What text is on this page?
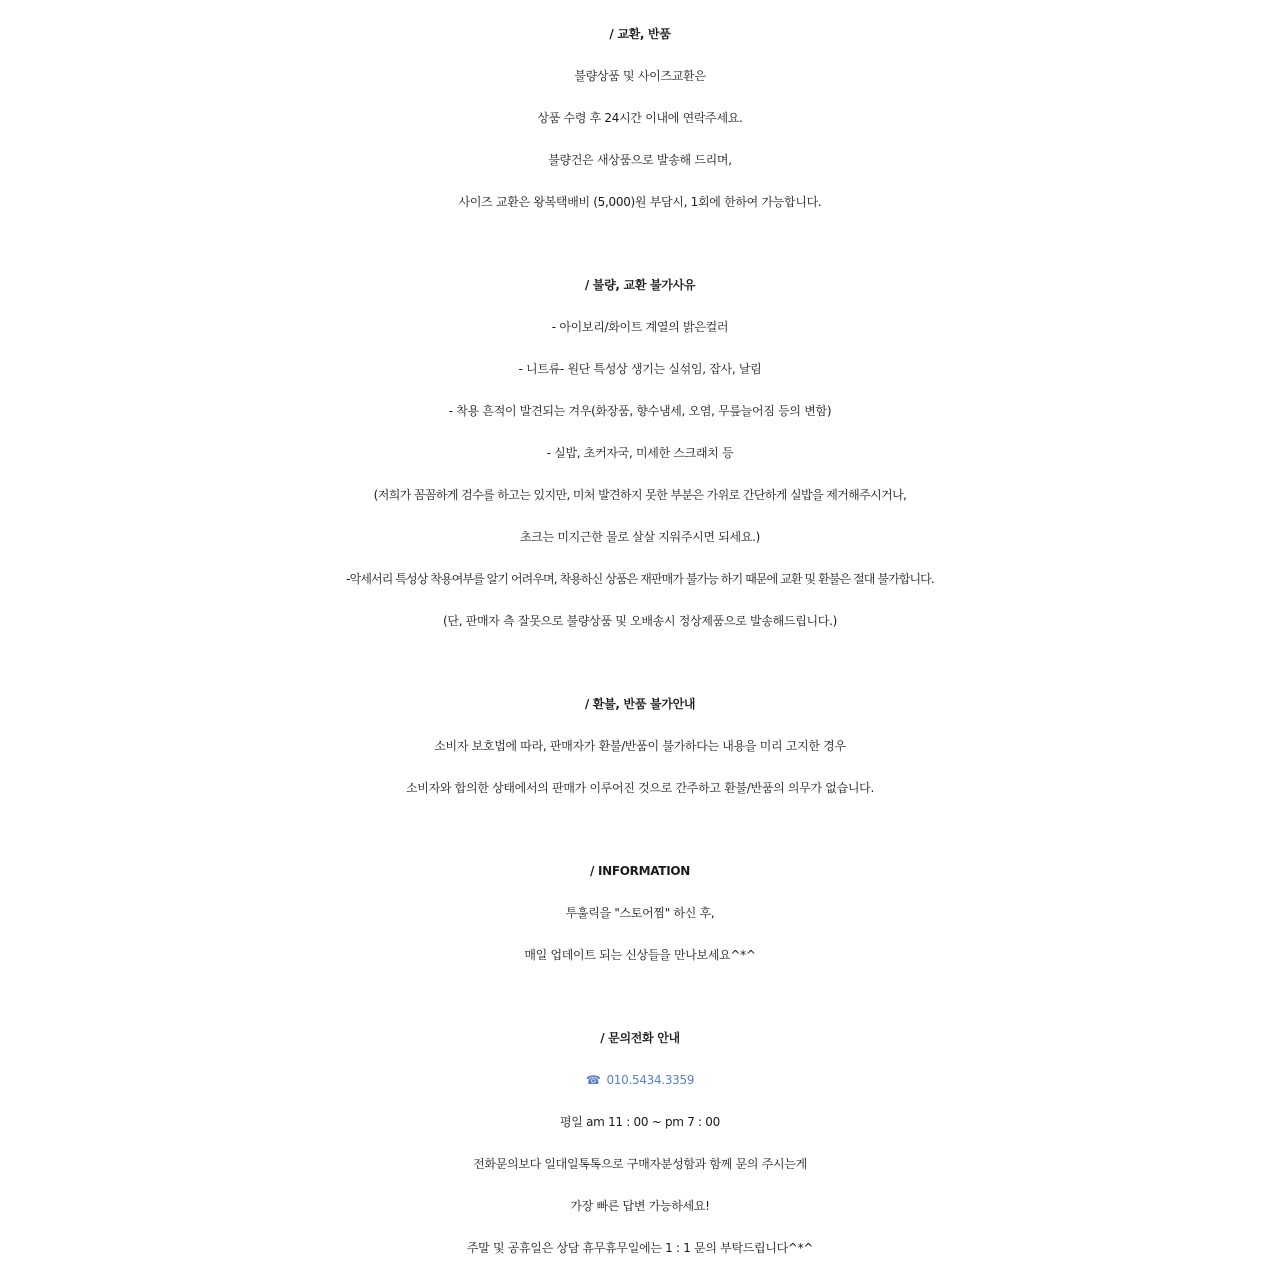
/ 교환, 반품
불량상품 및 사이즈교환은
상품 수령 후 24시간 이내에 연락주세요.
불량건은 새상품으로 발송해 드리며,
사이즈 교환은 왕복택배비 (5,000)원 부담시, 1회에 한하여 가능합니다.
/ 불량, 교환 불가사유
- 아이보리/화이트 계열의 밝은컬러
- 니트류- 원단 특성상 생기는 실섞임, 잡사, 날림
- 착용 흔적이 발견되는 겨우(화장품, 향수냄세, 오염, 무릎늘어짐 등의 변함)
- 실밥, 초커자국, 미세한 스크래치 등
(저희가 꼼꼼하게 검수를 하고는 있지만, 미처 발견하지 못한 부분은 가위로 간단하게 실밥을 제거해주시거나,
초크는 미지근한 물로 살살 지워주시면 되세요.)
-악세서리 특성상 착용여부를 알기 어려우며, 착용하신 상품은 재판매가 불가능 하기 때문에 교환 및 환불은 절대 불가합니다.
(단, 판매자 측 잘못으로 불량상품 및 오배송시 정상제품으로 발송해드립니다.)
/ 환불, 반품 불가안내
소비자 보호법에 따라, 판매자가 환불/반품이 불가하다는 내용을 미리 고지한 경우
소비자와 합의한 상태에서의 판매가 이루어진 것으로 간주하고 환불/반품의 의무가 없습니다.
/ INFORMATION
투훌릭을 "스토어찜" 하신 후,
매일 업데이트 되는 신상들을 만나보세요^*^
/ 문의전화 안내
☎ 010.5434.3359
평일 am 11 : 00 ~ pm 7 : 00
전화문의보다 일대일톡톡으로 구매자분성함과 함께 문의 주시는게
가장 빠른 답변 가능하세요!
주말 및 공휴일은 상담 휴무휴무일에는 1 : 1 문의 부탁드립니다^*^
